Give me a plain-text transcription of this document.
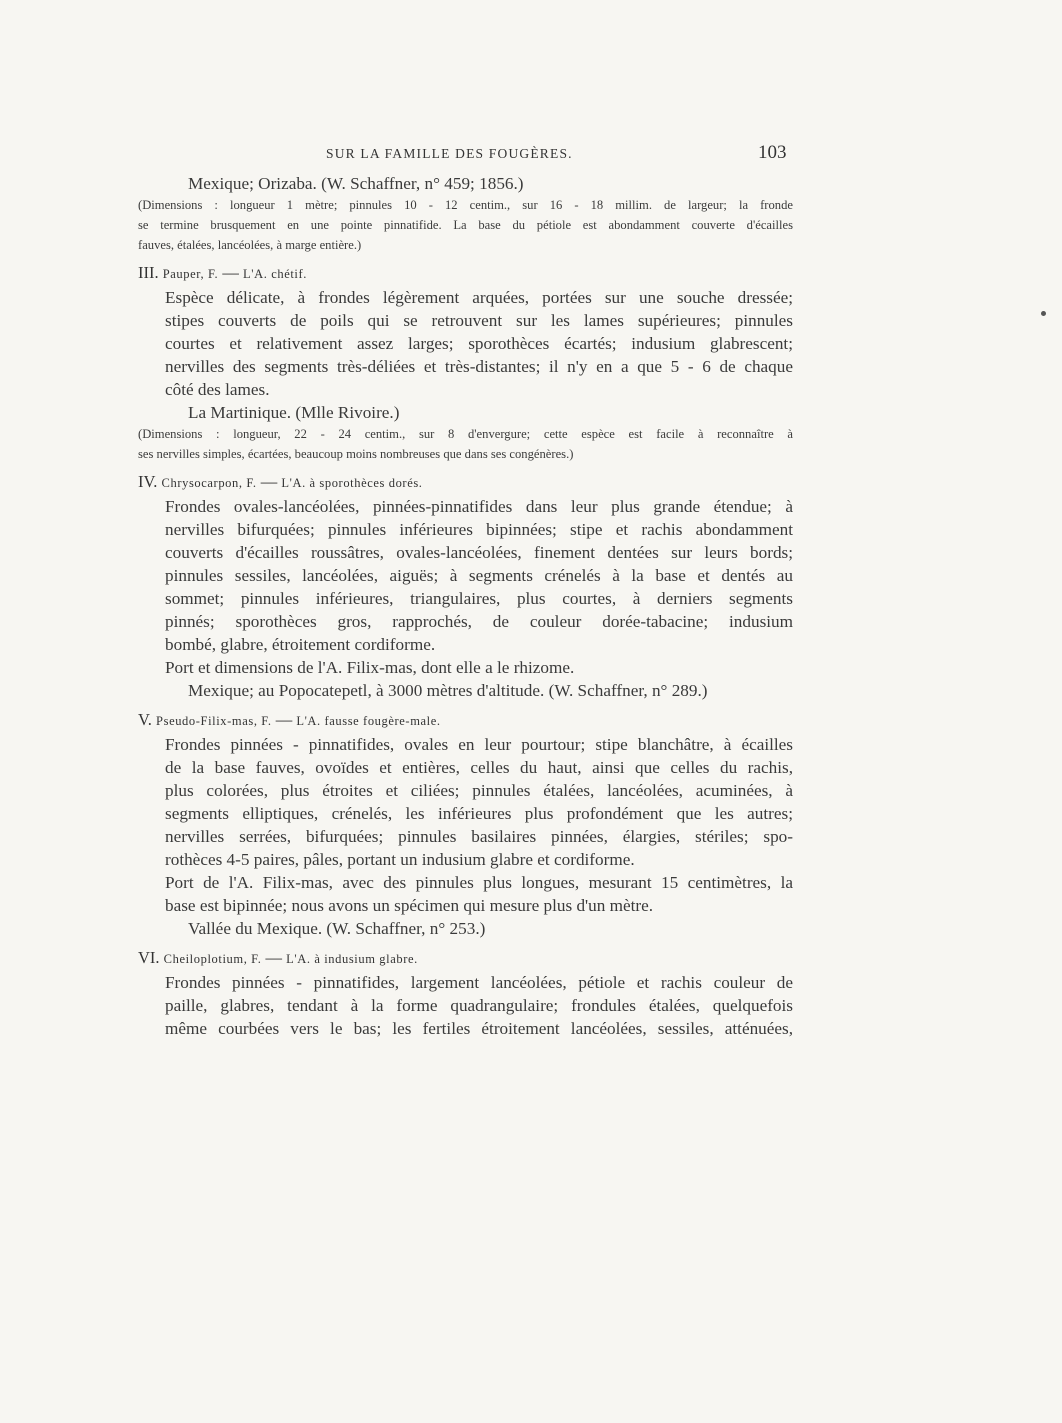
SUR LA FAMILLE DES FOUGÈRES.	103

Mexique; Orizaba. (W. Schaffner, n° 459; 1856.)

(Dimensions : longueur 1 mètre; pinnules 10 - 12 centim., sur 16 - 18 millim. de largeur; la fronde

se termine brusquement en une pointe pinnatifide. La base du pétiole est abondamment couverte d'écailles

fauves, étalées, lancéolées, à marge entière.)

III. Pauper, F. — L'A. chétif.

Espèce délicate, à frondes légèrement arquées, portées sur une souche dressée;

stipes couverts de poils qui se retrouvent sur les lames supérieures; pinnules

courtes et relativement assez larges; sporothèces écartés; indusium glabrescent;

nervilles des segments très-déliées et très-distantes; il n'y en a que 5 - 6 de chaque

côté des lames.

La Martinique. (Mlle Rivoire.)

(Dimensions : longueur, 22 - 24 centim., sur 8 d'envergure; cette espèce est facile à reconnaître à

ses nervilles simples, écartées, beaucoup moins nombreuses que dans ses congénères.)

IV. Chrysocarpon, F. — L'A. à sporothèces dorés.

Frondes ovales-lancéolées, pinnées-pinnatifides dans leur plus grande étendue; à

nervilles bifurquées; pinnules inférieures bipinnées; stipe et rachis abondamment

couverts d'écailles roussâtres, ovales-lancéolées, finement dentées sur leurs bords;

pinnules sessiles, lancéolées, aiguës; à segments crénelés à la base et dentés au

sommet; pinnules inférieures, triangulaires, plus courtes, à derniers segments

pinnés; sporothèces gros, rapprochés, de couleur dorée-tabacine; indusium

bombé, glabre, étroitement cordiforme.

Port et dimensions de l'A. Filix-mas, dont elle a le rhizome.

Mexique; au Popocatepetl, à 3000 mètres d'altitude. (W. Schaffner, n° 289.)

V. Pseudo-Filix-mas, F. — L'A. fausse fougère-male.

Frondes pinnées - pinnatifides, ovales en leur pourtour; stipe blanchâtre, à écailles

de la base fauves, ovoïdes et entières, celles du haut, ainsi que celles du rachis,

plus colorées, plus étroites et ciliées; pinnules étalées, lancéolées, acuminées, à

segments elliptiques, crénelés, les inférieures plus profondément que les autres;

nervilles serrées, bifurquées; pinnules basilaires pinnées, élargies, stériles; spo-

rothèces 4-5 paires, pâles, portant un indusium glabre et cordiforme.

Port de l'A. Filix-mas, avec des pinnules plus longues, mesurant 15 centimètres, la

base est bipinnée; nous avons un spécimen qui mesure plus d'un mètre.

Vallée du Mexique. (W. Schaffner, n° 253.)

VI. Cheiloplotium, F. — L'A. à indusium glabre.

Frondes pinnées - pinnatifides, largement lancéolées, pétiole et rachis couleur de

paille, glabres, tendant à la forme quadrangulaire; frondules étalées, quelquefois

même courbées vers le bas; les fertiles étroitement lancéolées, sessiles, atténuées,
